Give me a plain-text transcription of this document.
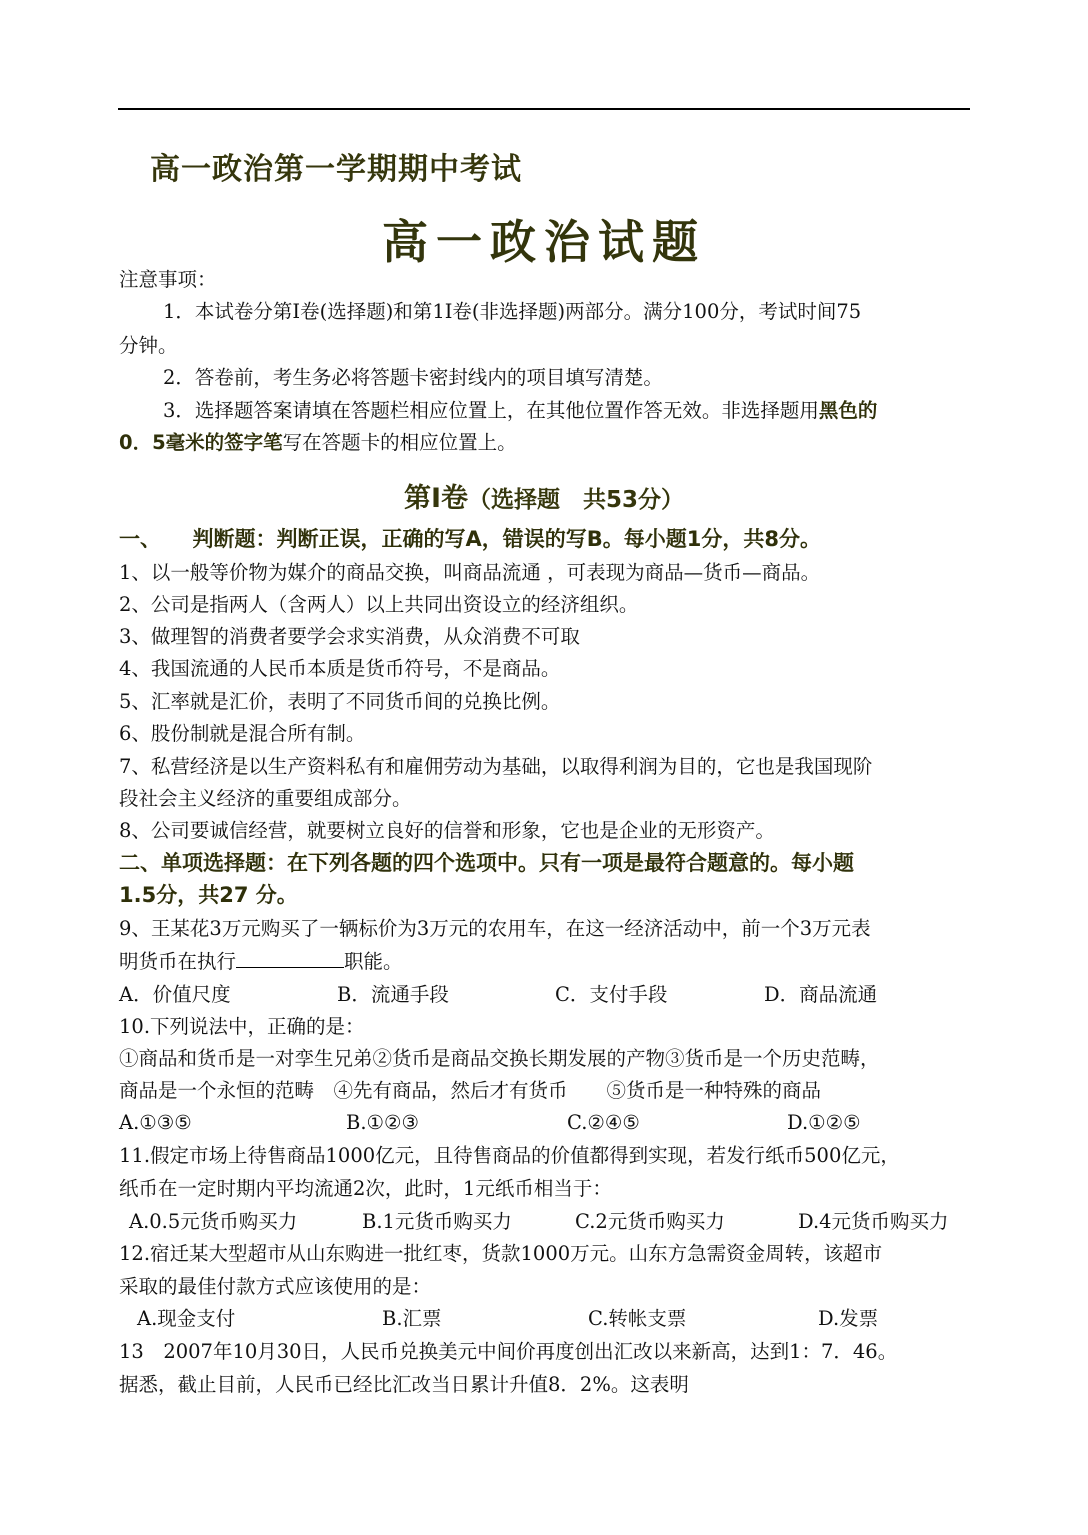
高一政治第一学期期中考试
高一政治试题
注意事项：
1．本试卷分第Ⅰ卷(选择题)和第1I卷(非选择题)两部分。满分100分，考试时间75
分钟。
2．答卷前，考生务必将答题卡密封线内的项目填写清楚。
3．选择题答案请填在答题栏相应位置上，在其他位置作答无效。非选择题用黑色的
0．5毫米的签字笔写在答题卡的相应位置上。
第Ⅰ卷（选择题　共53分）
一、　　判断题：判断正误，正确的写A，错误的写B。每小题1分，共8分。
1、以一般等价物为媒介的商品交换，叫商品流通 ，可表现为商品—货币—商品。
2、公司是指两人（含两人）以上共同出资设立的经济组织。
3、做理智的消费者要学会求实消费，从众消费不可取
4、我国流通的人民币本质是货币符号，不是商品。
5、汇率就是汇价，表明了不同货币间的兑换比例。
6、股份制就是混合所有制。
7、私营经济是以生产资料私有和雇佣劳动为基础，以取得利润为目的，它也是我国现阶
段社会主义经济的重要组成部分。
8、公司要诚信经营，就要树立良好的信誉和形象，它也是企业的无形资产。
二、单项选择题：在下列各题的四个选项中。只有一项是最符合题意的。每小题
1.5分，共27 分。
9、王某花3万元购买了一辆标价为3万元的农用车，在这一经济活动中，前一个3万元表
明货币在执行	职能。
A．价值尺度	B．流通手段	C．支付手段	D．商品流通
10.下列说法中，正确的是：
①商品和货币是一对孪生兄弟②货币是商品交换长期发展的产物③货币是一个历史范畴，
商品是一个永恒的范畴　④先有商品，然后才有货币　　⑤货币是一种特殊的商品
A.①③⑤	B.①②③	C.②④⑤	D.①②⑤
11.假定市场上待售商品1000亿元，且待售商品的价值都得到实现，若发行纸币500亿元，
纸币在一定时期内平均流通2次，此时，1元纸币相当于：
A.0.5元货币购买力	B.1元货币购买力	C.2元货币购买力	D.4元货币购买力
12.宿迁某大型超市从山东购进一批红枣，货款1000万元。山东方急需资金周转，该超市
采取的最佳付款方式应该使用的是：
A.现金支付	B.汇票	C.转帐支票	D.发票
13　2007年10月30日，人民币兑换美元中间价再度创出汇改以来新高，达到1：7．46。
据悉，截止目前，人民币已经比汇改当日累计升值8．2%。这表明
